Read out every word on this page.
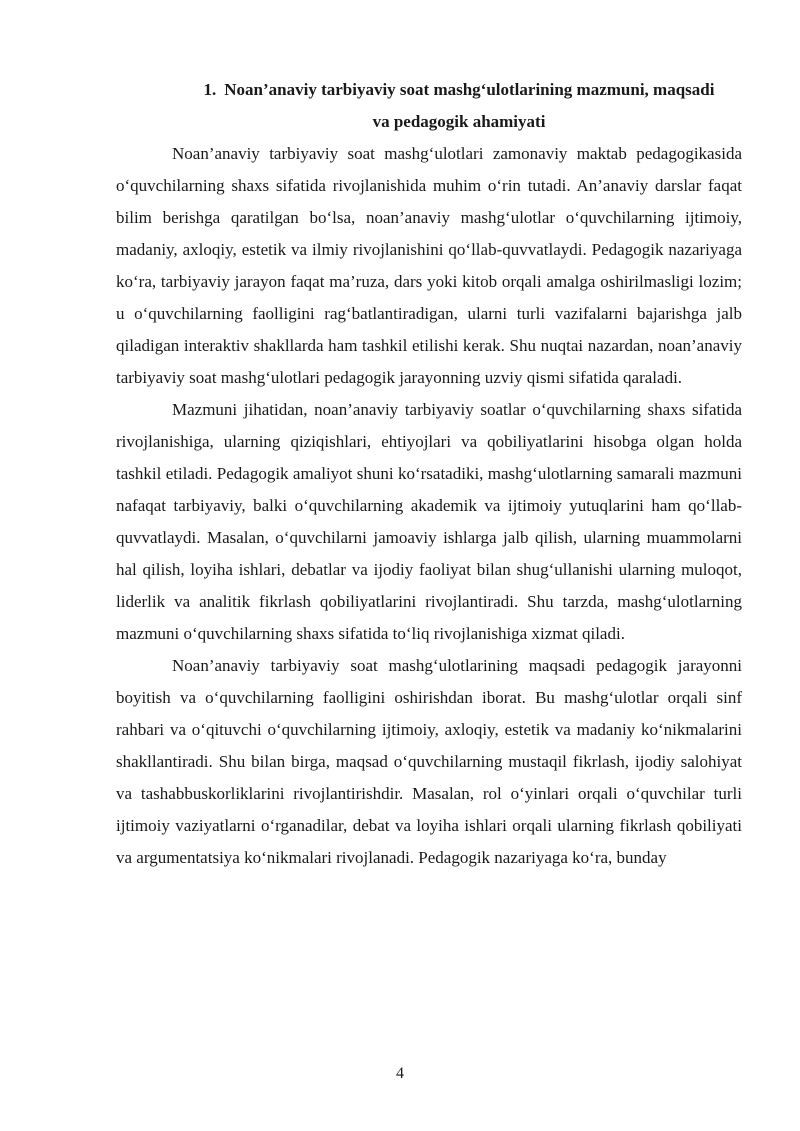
1. Noan’anaviy tarbiyaviy soat mashg‘ulotlarining mazmuni, maqsadi
va pedagogik ahamiyati

Noan’anaviy tarbiyaviy soat mashg‘ulotlari zamonaviy maktab pedagogikasida o‘quvchilarning shaxs sifatida rivojlanishida muhim o‘rin tutadi. An’anaviy darslar faqat bilim berishga qaratilgan bo‘lsa, noan’anaviy mashg‘ulotlar o‘quvchilarning ijtimoiy, madaniy, axloqiy, estetik va ilmiy rivojlanishini qo‘llab-quvvatlaydi. Pedagogik nazariyaga ko‘ra, tarbiyaviy jarayon faqat ma’ruza, dars yoki kitob orqali amalga oshirilmasligi lozim; u o‘quvchilarning faolligini rag‘batlantiradigan, ularni turli vazifalarni bajarishga jalb qiladigan interaktiv shakllarda ham tashkil etilishi kerak. Shu nuqtai nazardan, noan’anaviy tarbiyaviy soat mashg‘ulotlari pedagogik jarayonning uzviy qismi sifatida qaraladi.

Mazmuni jihatidan, noan’anaviy tarbiyaviy soatlar o‘quvchilarning shaxs sifatida rivojlanishiga, ularning qiziqishlari, ehtiyojlari va qobiliyatlarini hisobga olgan holda tashkil etiladi. Pedagogik amaliyot shuni ko‘rsatadiki, mashg‘ulotlarning samarali mazmuni nafaqat tarbiyaviy, balki o‘quvchilarning akademik va ijtimoiy yutuqlarini ham qo‘llab-quvvatlaydi. Masalan, o‘quvchilarni jamoaviy ishlarga jalb qilish, ularning muammolarni hal qilish, loyiha ishlari, debatlar va ijodiy faoliyat bilan shug‘ullanishi ularning muloqot, liderlik va analitik fikrlash qobiliyatlarini rivojlantiradi. Shu tarzda, mashg‘ulotlarning mazmuni o‘quvchilarning shaxs sifatida to‘liq rivojlanishiga xizmat qiladi.

Noan’anaviy tarbiyaviy soat mashg‘ulotlarining maqsadi pedagogik jarayonni boyitish va o‘quvchilarning faolligini oshirishdan iborat. Bu mashg‘ulotlar orqali sinf rahbari va o‘qituvchi o‘quvchilarning ijtimoiy, axloqiy, estetik va madaniy ko‘nikmalarini shakllantiradi. Shu bilan birga, maqsad o‘quvchilarning mustaqil fikrlash, ijodiy salohiyat va tashabbuskorliklarini rivojlantirishdir. Masalan, rol o‘yinlari orqali o‘quvchilar turli ijtimoiy vaziyatlarni o‘rganadilar, debat va loyiha ishlari orqali ularning fikrlash qobiliyati va argumentatsiya ko‘nikmalari rivojlanadi. Pedagogik nazariyaga ko‘ra, bunday

4
